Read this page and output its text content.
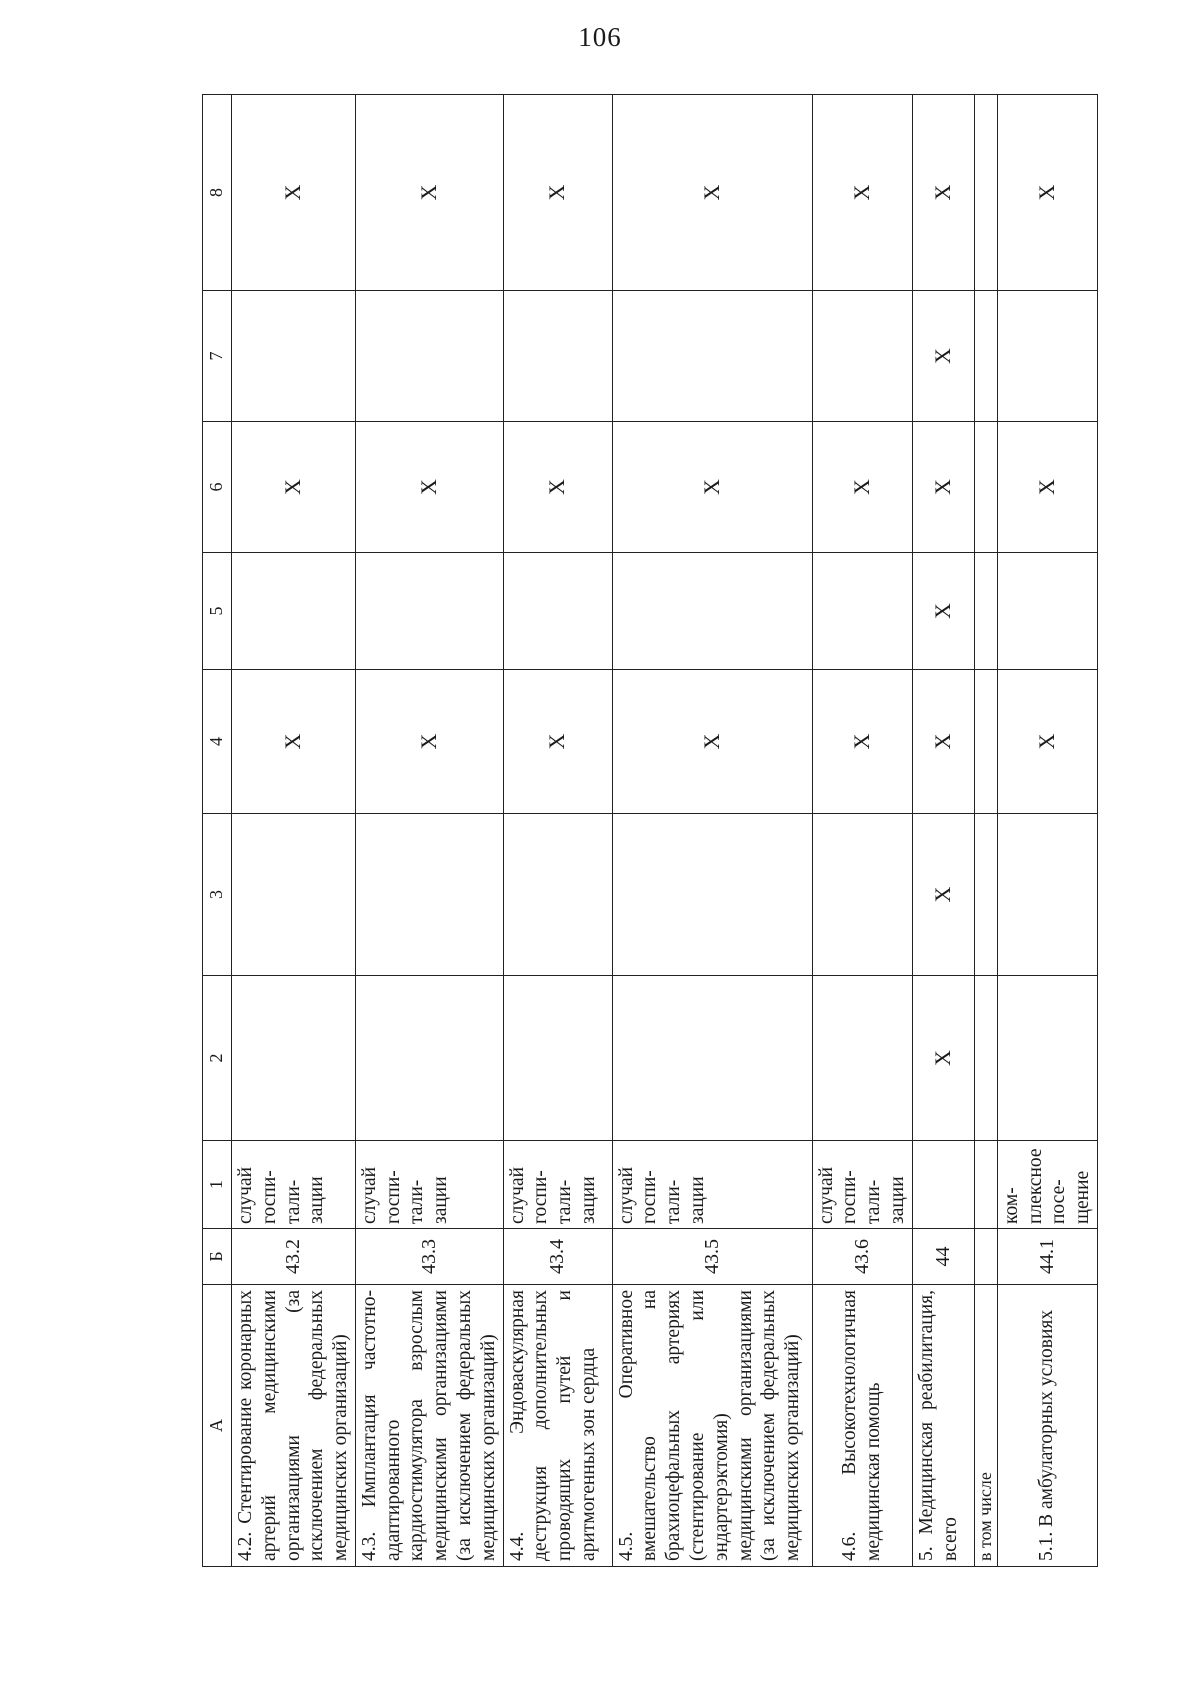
106
А	Б	1	2	3	4	5	6	7	8
4.2. Стентирование коронарных артерий медицинскими организациями (за исключением федеральных медицинских организаций)	43.2	случай госпи-тали-зации			X		X		X
4.3. Имплантация частотно-адаптированного кардиостимулятора взрослым медицинскими организациями (за исключением федеральных медицинских организаций)	43.3	случай госпи-тали-зации			X		X		X
4.4. Эндоваскулярная деструкция дополнительных проводящих путей и аритмогенных зон сердца	43.4	случай госпи-тали-зации			X		X		X
4.5. Оперативное вмешательство на брахиоцефальных артериях (стентирование или эндартерэктомия) медицинскими организациями (за исключением федеральных медицинских организаций)	43.5	случай госпи-тали-зации			X		X		X
4.6. Высокотехнологичная медицинская помощь	43.6	случай госпи-тали-зации			X		X		X
5. Медицинская реабилитация, всего	44		X	X	X	X	X	X	X
в том числе									
5.1. В амбулаторных условиях	44.1	ком-плексное посе-щение			X		X		X
